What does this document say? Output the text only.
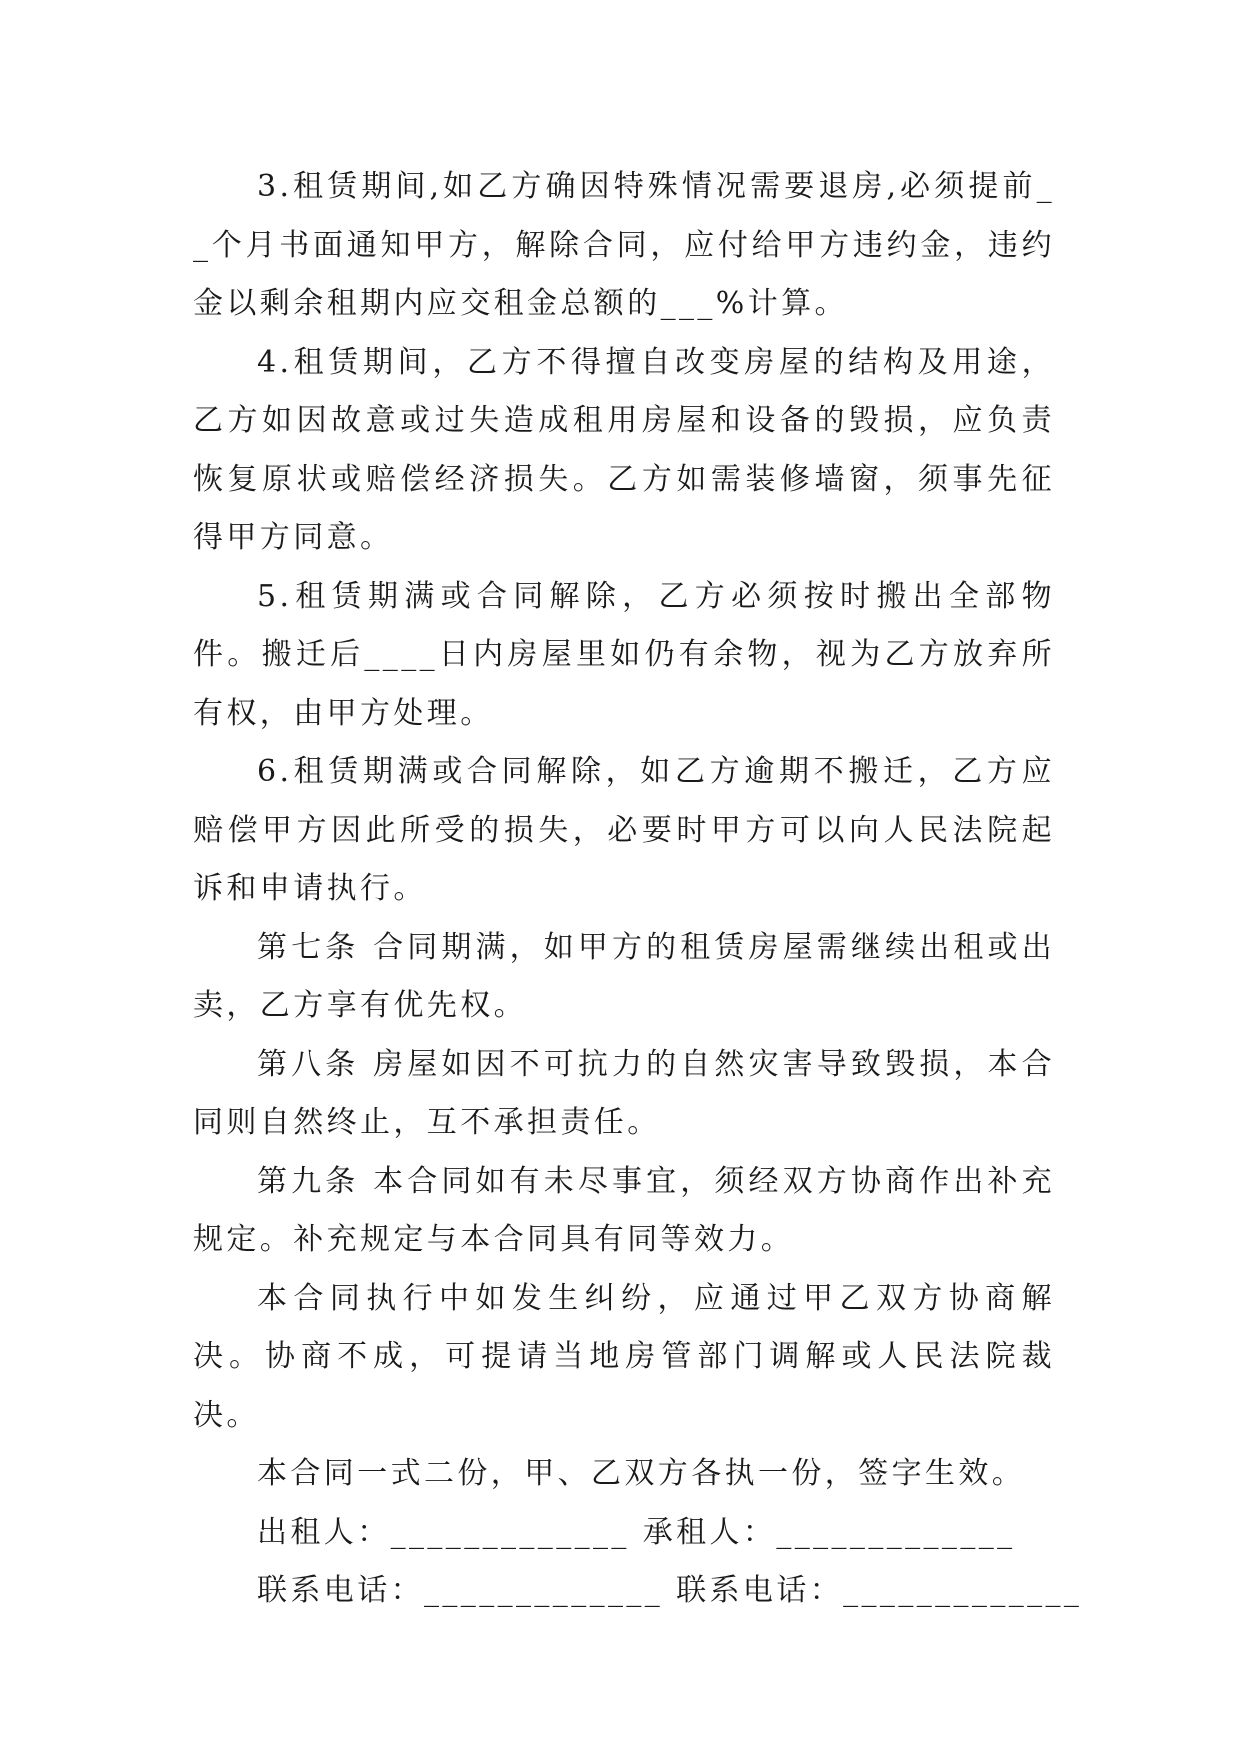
3.租赁期间,如乙方确因特殊情况需要退房,必须提前__个月书面通知甲方，解除合同，应付给甲方违约金，违约金以剩余租期内应交租金总额的___%计算。

4.租赁期间，乙方不得擅自改变房屋的结构及用途，乙方如因故意或过失造成租用房屋和设备的毁损，应负责恢复原状或赔偿经济损失。乙方如需装修墙窗，须事先征得甲方同意。

5.租赁期满或合同解除，乙方必须按时搬出全部物件。搬迁后____日内房屋里如仍有余物，视为乙方放弃所有权，由甲方处理。

6.租赁期满或合同解除，如乙方逾期不搬迁，乙方应赔偿甲方因此所受的损失，必要时甲方可以向人民法院起诉和申请执行。

第七条 合同期满，如甲方的租赁房屋需继续出租或出卖，乙方享有优先权。

第八条 房屋如因不可抗力的自然灾害导致毁损，本合同则自然终止，互不承担责任。

第九条 本合同如有未尽事宜，须经双方协商作出补充规定。补充规定与本合同具有同等效力。

本合同执行中如发生纠纷，应通过甲乙双方协商解决。协商不成，可提请当地房管部门调解或人民法院裁决。

本合同一式二份，甲、乙双方各执一份，签字生效。

出租人：_____________ 承租人：_____________

联系电话：_____________ 联系电话：_____________
